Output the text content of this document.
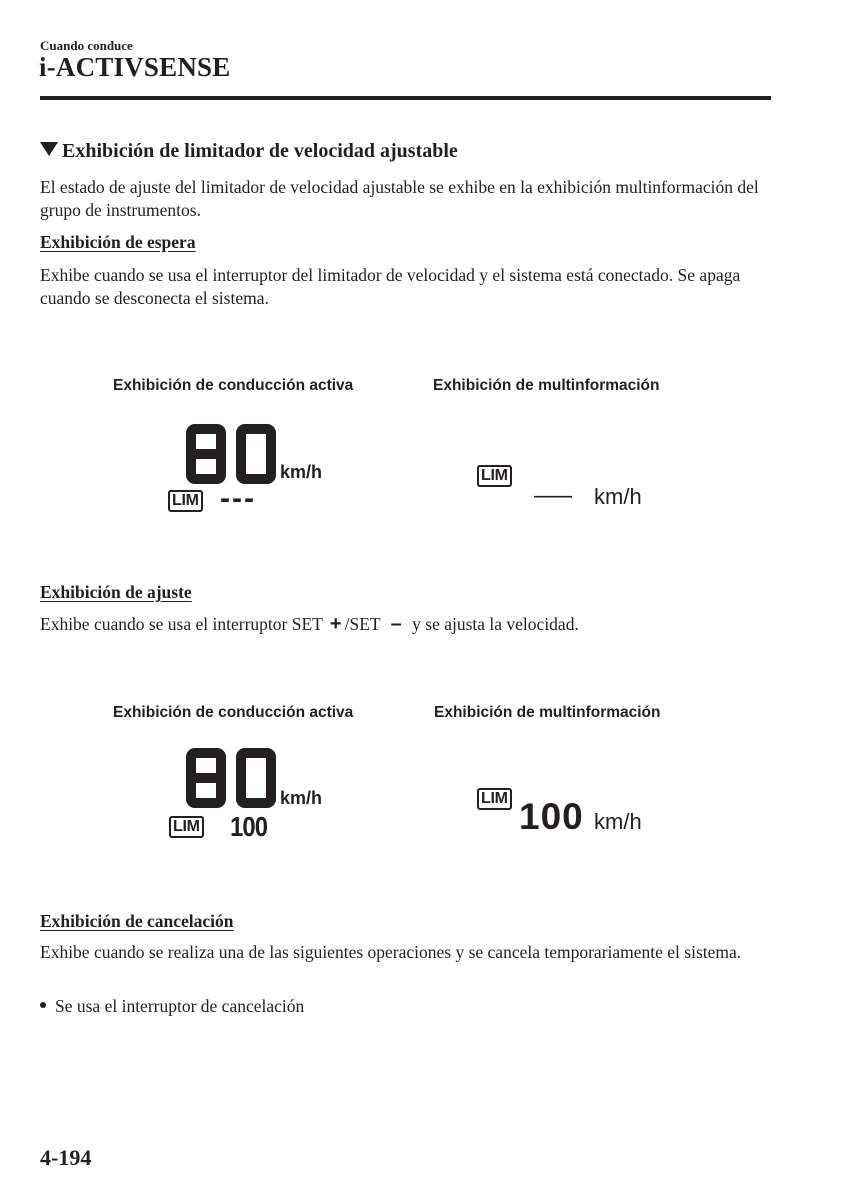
Cuando conduce
i-ACTIVSENSE
Exhibición de limitador de velocidad ajustable
El estado de ajuste del limitador de velocidad ajustable se exhibe en la exhibición multinformación del grupo de instrumentos.
Exhibición de espera
Exhibe cuando se usa el interruptor del limitador de velocidad y el sistema está conectado. Se apaga cuando se desconecta el sistema.
Exhibición de conducción activa	Exhibición de multinformación
km/h
LIM ---
LIM
––– km/h
Exhibición de ajuste
Exhibe cuando se usa el interruptor SET + /SET – y se ajusta la velocidad.
Exhibición de conducción activa	Exhibición de multinformación
km/h
LIM 100
LIM 100 km/h
Exhibición de cancelación
Exhibe cuando se realiza una de las siguientes operaciones y se cancela temporariamente el sistema.
Se usa el interruptor de cancelación
4-194
